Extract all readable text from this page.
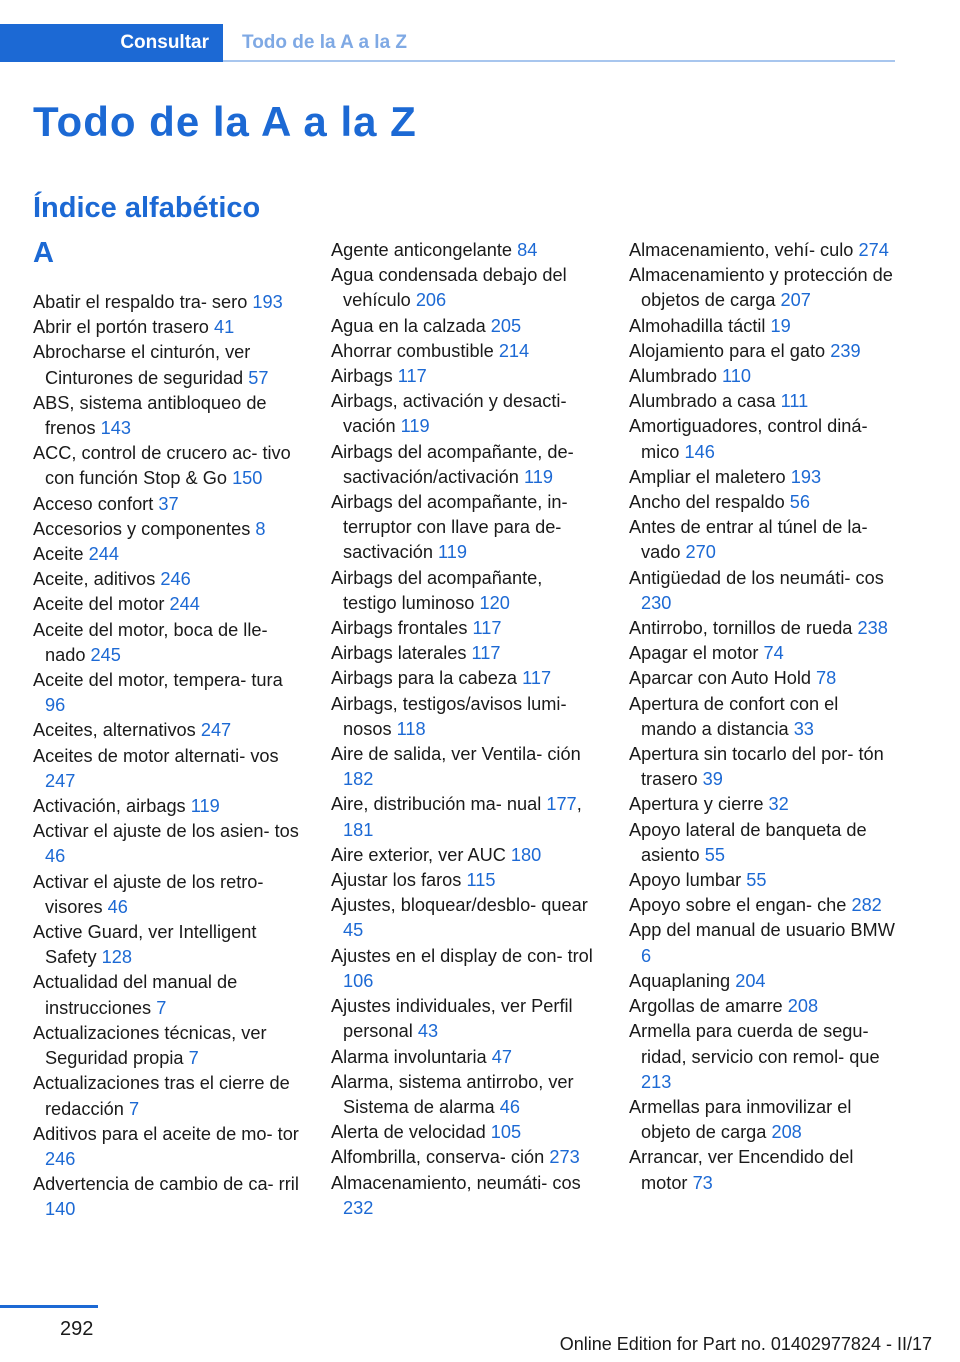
Consultar	Todo de la A a la Z
Todo de la A a la Z
Índice alfabético
A
Abatir el respaldo tra‐ sero 193
Abrir el portón trasero 41
Abrocharse el cinturón, ver Cinturones de seguridad 57
ABS, sistema antibloqueo de frenos 143
ACC, control de crucero ac‐ tivo con función Stop & Go 150
Acceso confort 37
Accesorios y componentes 8
Aceite 244
Aceite, aditivos 246
Aceite del motor 244
Aceite del motor, boca de lle‐ nado 245
Aceite del motor, tempera‐ tura 96
Aceites, alternativos 247
Aceites de motor alternati‐ vos 247
Activación, airbags 119
Activar el ajuste de los asien‐ tos 46
Activar el ajuste de los retro‐ visores 46
Active Guard, ver Intelligent Safety 128
Actualidad del manual de instrucciones 7
Actualizaciones técnicas, ver Seguridad propia 7
Actualizaciones tras el cierre de redacción 7
Aditivos para el aceite de mo‐ tor 246
Advertencia de cambio de ca‐ rril 140
Agente anticongelante 84
Agua condensada debajo del vehículo 206
Agua en la calzada 205
Ahorrar combustible 214
Airbags 117
Airbags, activación y desacti‐ vación 119
Airbags del acompañante, de‐ sactivación/activación 119
Airbags del acompañante, in‐ terruptor con llave para de‐ sactivación 119
Airbags del acompañante, testigo luminoso 120
Airbags frontales 117
Airbags laterales 117
Airbags para la cabeza 117
Airbags, testigos/avisos lumi‐ nosos 118
Aire de salida, ver Ventila‐ ción 182
Aire, distribución ma‐ nual 177, 181
Aire exterior, ver AUC 180
Ajustar los faros 115
Ajustes, bloquear/desblo‐ quear 45
Ajustes en el display de con‐ trol 106
Ajustes individuales, ver Perfil personal 43
Alarma involuntaria 47
Alarma, sistema antirrobo, ver Sistema de alarma 46
Alerta de velocidad 105
Alfombrilla, conserva‐ ción 273
Almacenamiento, neumáti‐ cos 232
Almacenamiento, vehí‐ culo 274
Almacenamiento y protección de objetos de carga 207
Almohadilla táctil 19
Alojamiento para el gato 239
Alumbrado 110
Alumbrado a casa 111
Amortiguadores, control diná‐ mico 146
Ampliar el maletero 193
Ancho del respaldo 56
Antes de entrar al túnel de la‐ vado 270
Antigüedad de los neumáti‐ cos 230
Antirrobo, tornillos de rueda 238
Apagar el motor 74
Aparcar con Auto Hold 78
Apertura de confort con el mando a distancia 33
Apertura sin tocarlo del por‐ tón trasero 39
Apertura y cierre 32
Apoyo lateral de banqueta de asiento 55
Apoyo lumbar 55
Apoyo sobre el engan‐ che 282
App del manual de usuario BMW 6
Aquaplaning 204
Argollas de amarre 208
Armella para cuerda de segu‐ ridad, servicio con remol‐ que 213
Armellas para inmovilizar el objeto de carga 208
Arrancar, ver Encendido del motor 73
292
Online Edition for Part no. 01402977824 - II/17
